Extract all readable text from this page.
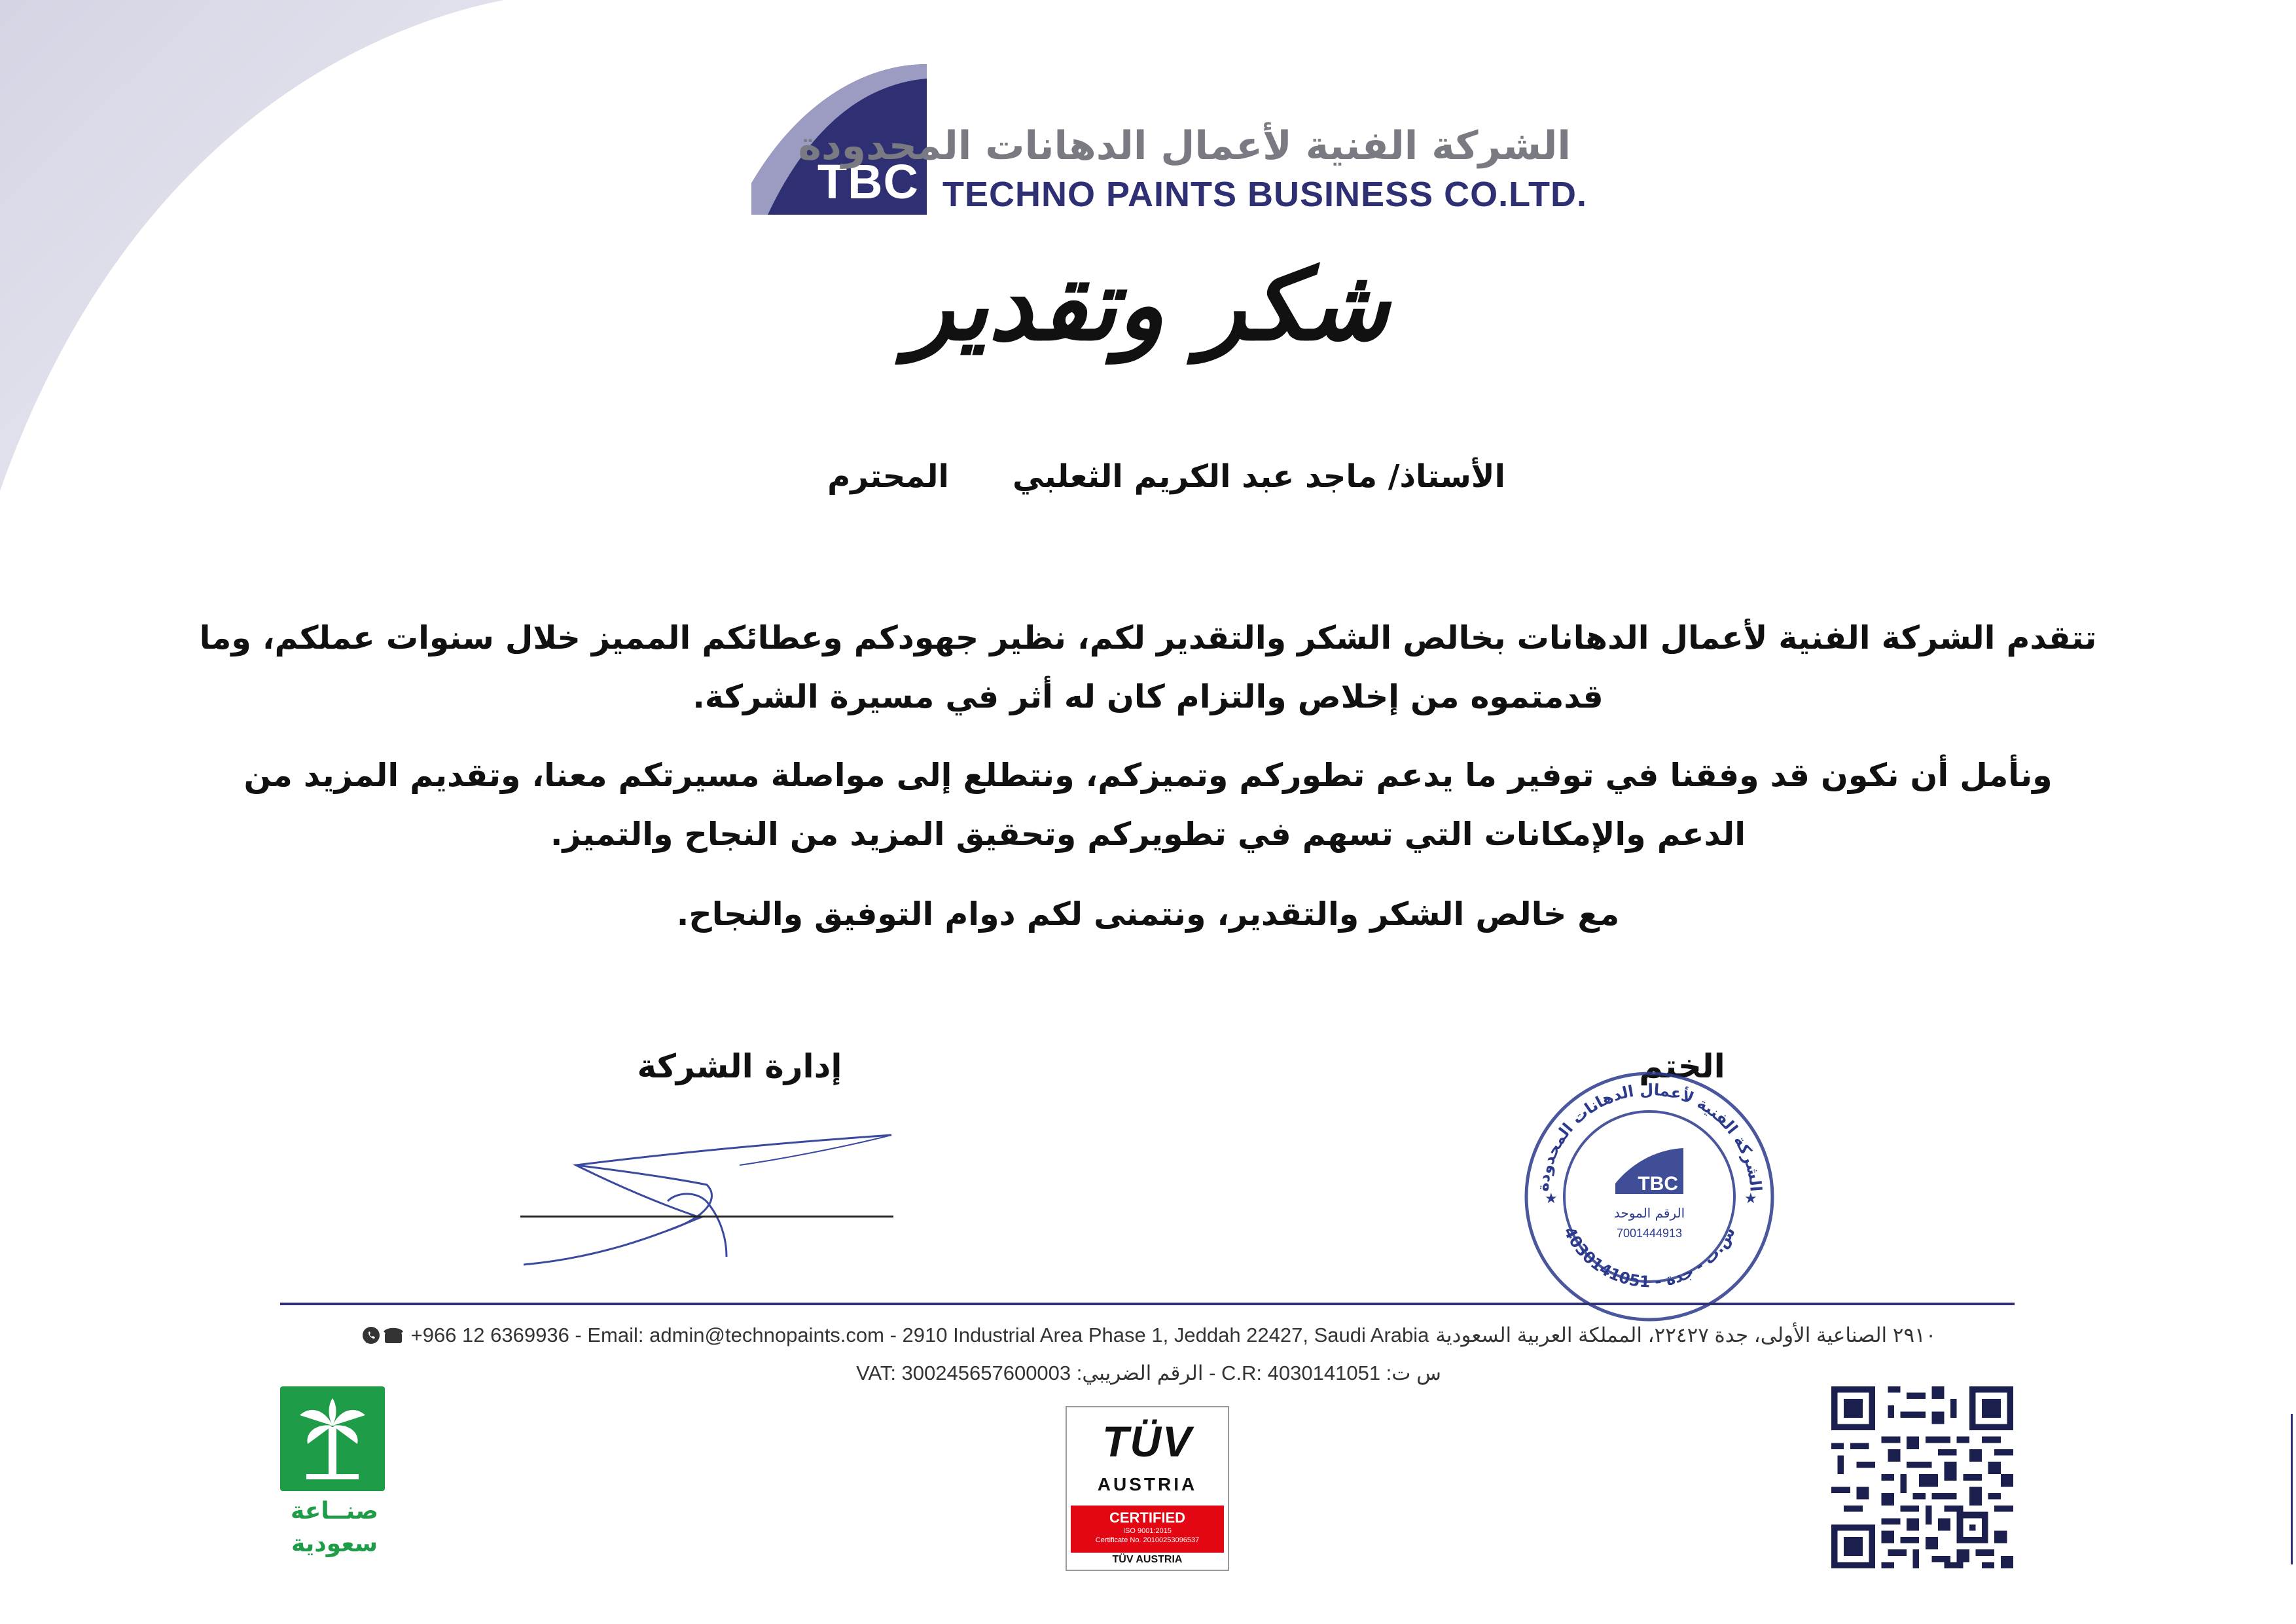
TBC
الشركة الفنية لأعمال الدهانات المحدودة
TECHNO PAINTS BUSINESS CO.LTD.
شكر وتقدير
الأستاذ/ ماجد عبد الكريم الثعلبي
المحترم
تتقدم الشركة الفنية لأعمال الدهانات بخالص الشكر والتقدير لكم، نظير جهودكم وعطائكم المميز خلال سنوات عملكم، وما قدمتموه من إخلاص والتزام كان له أثر في مسيرة الشركة.
ونأمل أن نكون قد وفقنا في توفير ما يدعم تطوركم وتميزكم، ونتطلع إلى مواصلة مسيرتكم معنا، وتقديم المزيد من الدعم والإمكانات التي تسهم في تطويركم وتحقيق المزيد من النجاح والتميز.
مع خالص الشكر والتقدير، ونتمنى لكم دوام التوفيق والنجاح.
إدارة الشركة	الختم
الشركة الفنية لأعمال الدهانات المحدودة
س.ت - جدة - 4030141051
★	★
TBC
الرقم الموحد
7001444913
+966 12 6369936 - Email: admin@technopaints.com - 2910 Industrial Area Phase 1, Jeddah 22427, Saudi Arabia ٢٩١٠ الصناعية الأولى، جدة ٢٢٤٢٧، المملكة العربية السعودية
VAT: 300245657600003 :الرقم الضريبي - C.R: 4030141051 :س ت
صنــاعة
سعودية
TÜV
AUSTRIA
CERTIFIED
ISO 9001:2015
Certificate No. 20100253096537
TÜV AUSTRIA
